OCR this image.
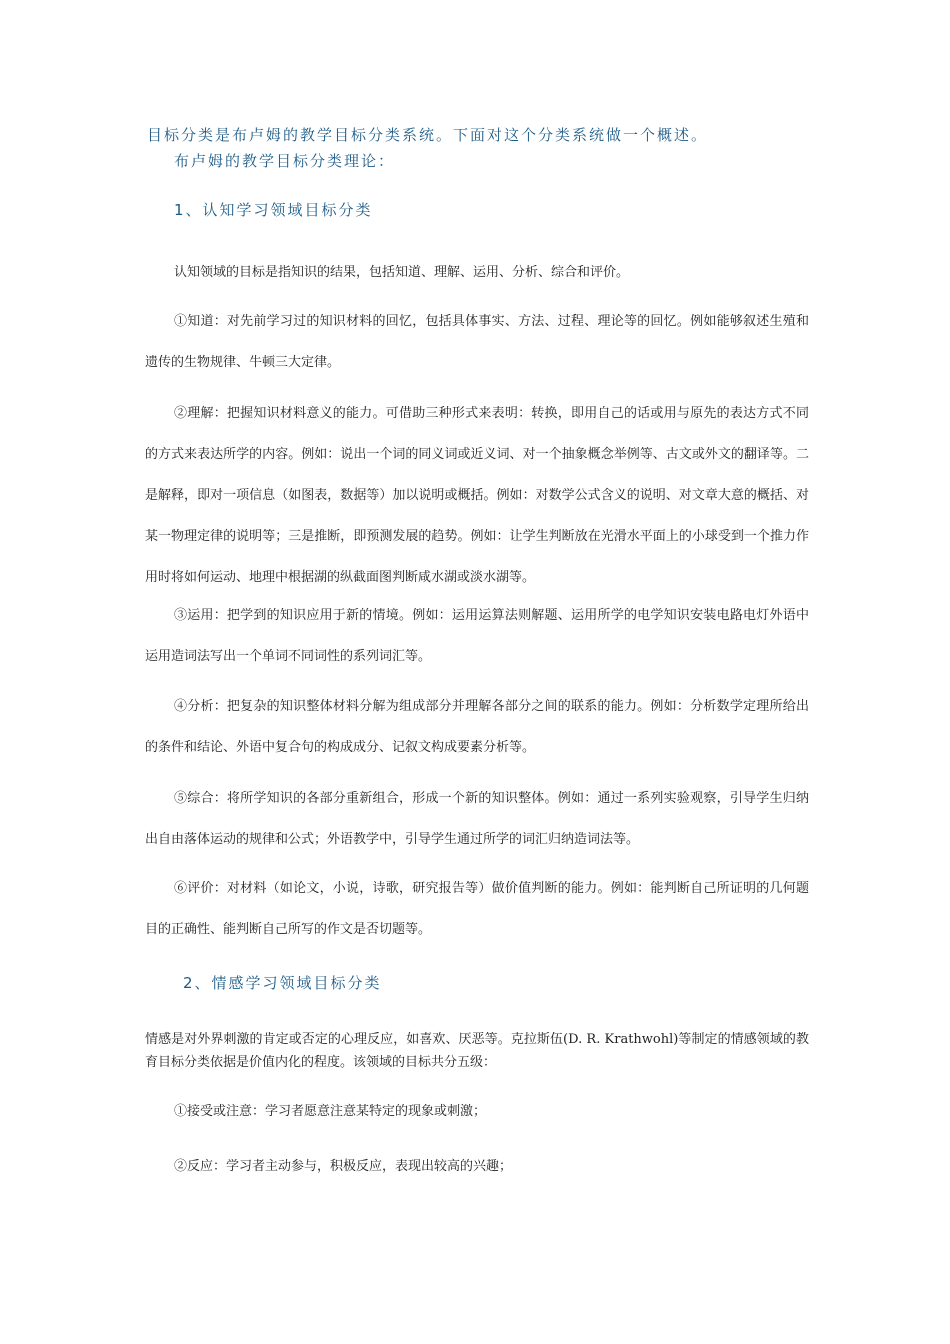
目标分类是布卢姆的教学目标分类系统。下面对这个分类系统做一个概述。
布卢姆的教学目标分类理论：
1、认知学习领域目标分类

认知领域的目标是指知识的结果，包括知道、理解、运用、分析、综合和评价。

①知道：对先前学习过的知识材料的回忆，包括具体事实、方法、过程、理论等的回忆。例如能够叙述生殖和遗传的生物规律、牛顿三大定律。

②理解：把握知识材料意义的能力。可借助三种形式来表明：转换，即用自己的话或用与原先的表达方式不同的方式来表达所学的内容。例如：说出一个词的同义词或近义词、对一个抽象概念举例等、古文或外文的翻译等。二是解释，即对一项信息（如图表，数据等）加以说明或概括。例如：对数学公式含义的说明、对文章大意的概括、对某一物理定律的说明等；三是推断，即预测发展的趋势。例如：让学生判断放在光滑水平面上的小球受到一个推力作用时将如何运动、地理中根据湖的纵截面图判断咸水湖或淡水湖等。

③运用：把学到的知识应用于新的情境。例如：运用运算法则解题、运用所学的电学知识安装电路电灯外语中运用造词法写出一个单词不同词性的系列词汇等。

④分析：把复杂的知识整体材料分解为组成部分并理解各部分之间的联系的能力。例如：分析数学定理所给出的条件和结论、外语中复合句的构成成分、记叙文构成要素分析等。

⑤综合：将所学知识的各部分重新组合，形成一个新的知识整体。例如：通过一系列实验观察，引导学生归纳出自由落体运动的规律和公式；外语教学中，引导学生通过所学的词汇归纳造词法等。

⑥评价：对材料（如论文，小说，诗歌，研究报告等）做价值判断的能力。例如：能判断自己所证明的几何题目的正确性、能判断自己所写的作文是否切题等。

2、情感学习领域目标分类

情感是对外界刺激的肯定或否定的心理反应，如喜欢、厌恶等。克拉斯伍(D. R. Krathwohl)等制定的情感领域的教育目标分类依据是价值内化的程度。该领域的目标共分五级：

①接受或注意：学习者愿意注意某特定的现象或刺激；

②反应：学习者主动参与，积极反应，表现出较高的兴趣；
